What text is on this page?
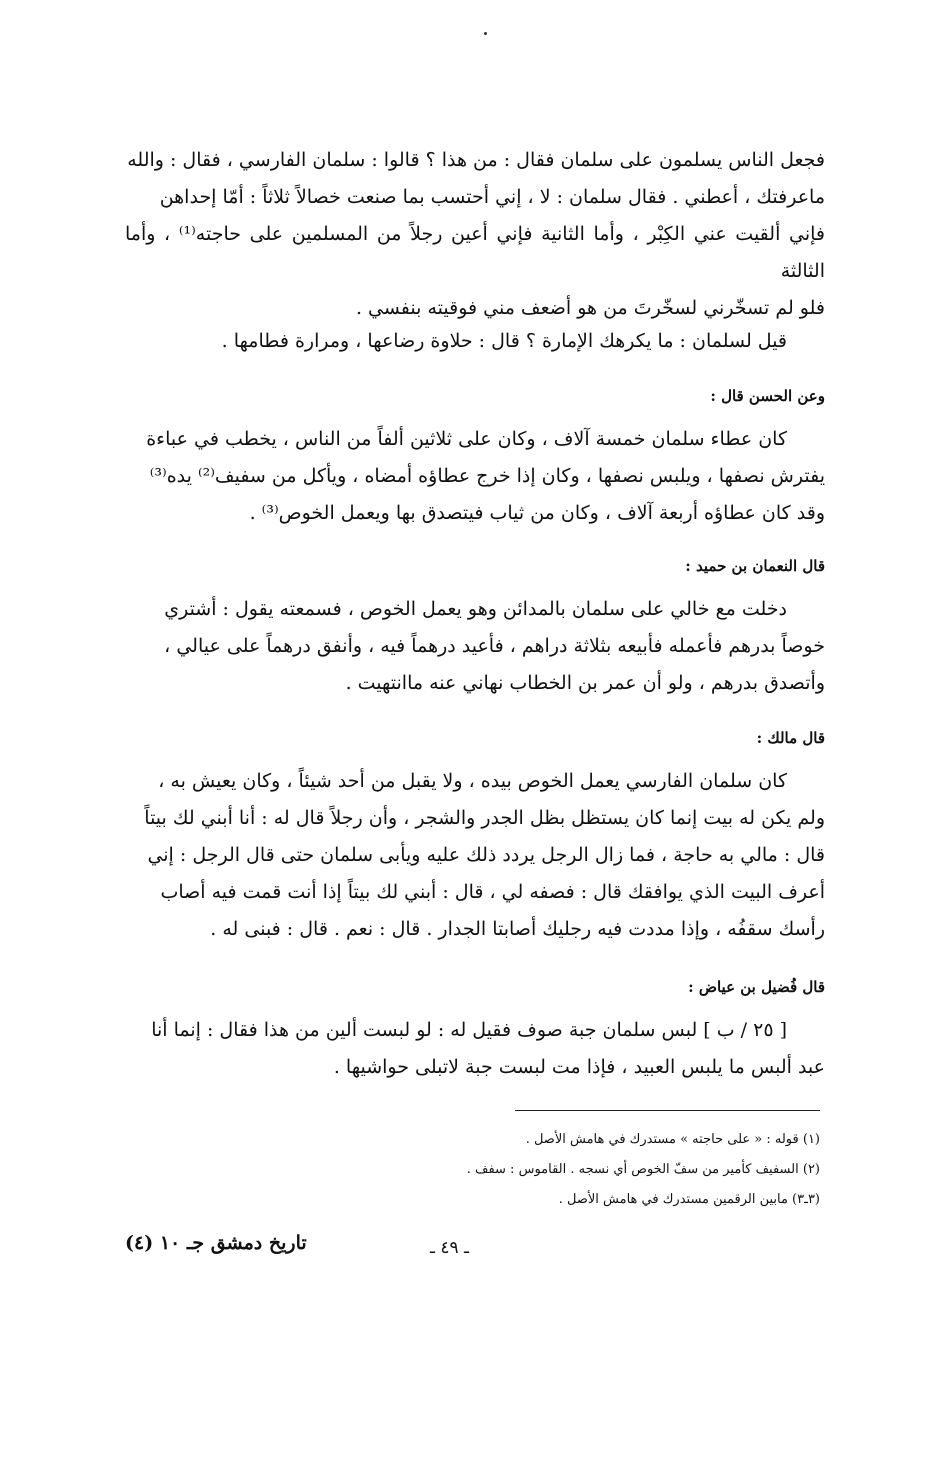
فجعل الناس يسلمون على سلمان فقال : من هذا ؟ قالوا : سلمان الفارسي ، فقال : والله

ماعرفتك ، أعطني . فقال سلمان : لا ، إني أحتسب بما صنعت خصالاً ثلاثاً : أمّا إحداهن

فإني ألقيت عني الكِبْر ، وأما الثانية فإني أعين رجلاً من المسلمين على حاجته⁽¹⁾ ، وأما الثالثة

فلو لم تسخّرني لسخّرتَ من هو أضعف مني فوقيته بنفسي .

قيل لسلمان : ما يكرهك الإمارة ؟ قال : حلاوة رضاعها ، ومرارة فطامها .

وعن الحسن قال :

كان عطاء سلمان خمسة آلاف ، وكان على ثلاثين ألفاً من الناس ، يخطب في عباءة

يفترش نصفها ، ويلبس نصفها ، وكان إذا خرج عطاؤه أمضاه ، ويأكل من سفيف⁽²⁾ يده⁽³⁾

وقد كان عطاؤه أربعة آلاف ، وكان من ثياب فيتصدق بها ويعمل الخوص⁽³⁾ .

قال النعمان بن حميد :

دخلت مع خالي على سلمان بالمدائن وهو يعمل الخوص ، فسمعته يقول : أشتري

خوصاً بدرهم فأعمله فأبيعه بثلاثة دراهم ، فأعيد درهماً فيه ، وأنفق درهماً على عيالي ،

وأتصدق بدرهم ، ولو أن عمر بن الخطاب نهاني عنه ماانتهيت .

قال مالك :

كان سلمان الفارسي يعمل الخوص بيده ، ولا يقبل من أحد شيئاً ، وكان يعيش به ،

ولم يكن له بيت إنما كان يستظل بظل الجدر والشجر ، وأن رجلاً قال له : أنا أبني لك بيتاً

قال : مالي به حاجة ، فما زال الرجل يردد ذلك عليه ويأبى سلمان حتى قال الرجل : إني

أعرف البيت الذي يوافقك قال : فصفه لي ، قال : أبني لك بيتاً إذا أنت قمت فيه أصاب

رأسك سقفُه ، وإذا مددت فيه رجليك أصابتا الجدار . قال : نعم . قال : فبنى له .

قال فُضيل بن عياض :

[ ٢٥ / ب ] لبس سلمان جبة صوف فقيل له : لو لبست ألين من هذا فقال : إنما أنا

عبد ألبس ما يلبس العبيد ، فإذا مت لبست جبة لاتبلى حواشيها .

(١) قوله : « على حاجته » مستدرك في هامش الأصل .

(٢) السفيف كأمير من سفّ الخوص أي نسجه . القاموس : سفف .

(٣ـ٣) مابين الرقمين مستدرك في هامش الأصل .

تاريخ دمشق جـ ١٠ (٤)	ـ ٤٩ ـ
